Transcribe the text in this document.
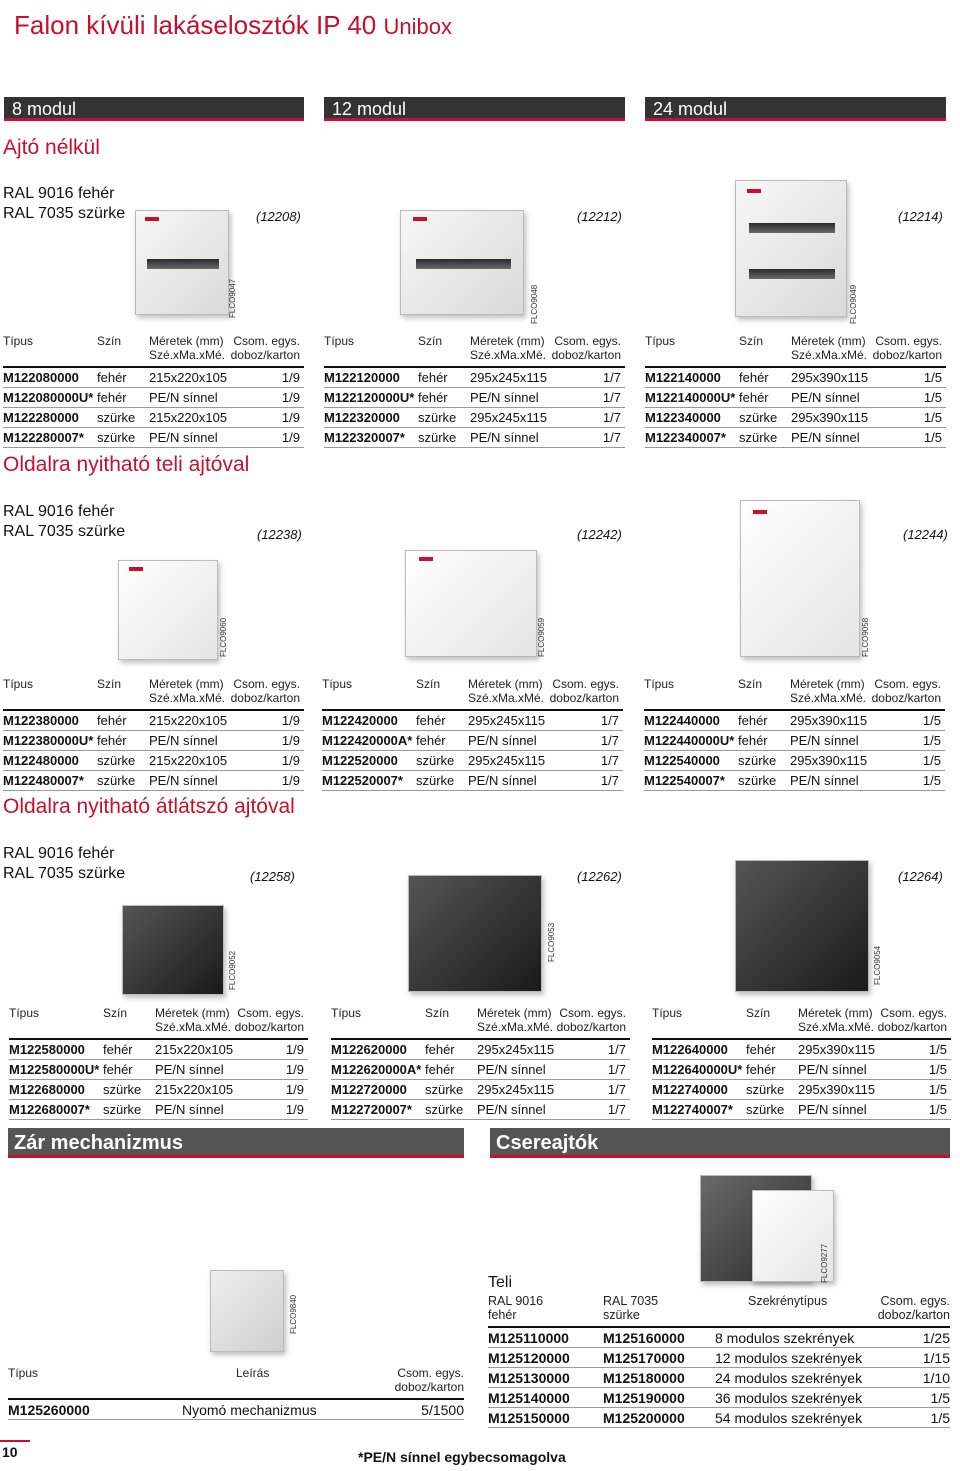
Falon kívüli lakáselosztók IP 40 Unibox
8 modul	12 modul	24 modul
Ajtó nélkül
RAL 9016 fehér
RAL 7035 szürke	(12208)	(12212)	(12214)
FLCO9047	FLCO9048	FLCO9049
Típus	Szín Méretek (mm)
Szé.xMa.xMé.
Csom. egys.
doboz/karton
M122080000 fehér 215x220x105	1/9
M122080000U* fehér PE/N sínnel	1/9
M122280000 szürke 215x220x105	1/9
M122280007* szürke PE/N sínnel	1/9
Típus	Szín Méretek (mm)
Szé.xMa.xMé.
Csom. egys.
doboz/karton
M122120000 fehér 295x245x115	1/7
M122120000U* fehér PE/N sínnel	1/7
M122320000 szürke 295x245x115	1/7
M122320007* szürke PE/N sínnel	1/7
Típus	Szín Méretek (mm)
Szé.xMa.xMé.
Csom. egys.
doboz/karton
M122140000 fehér 295x390x115	1/5
M122140000U* fehér PE/N sínnel	1/5
M122340000 szürke 295x390x115	1/5
M122340007* szürke PE/N sínnel	1/5
Oldalra nyitható teli ajtóval
RAL 9016 fehér
RAL 7035 szürke	(12238)	(12242)	(12244)
FLCO9060	FLCO9059	FLCO9058
Típus	Szín Méretek (mm)
Szé.xMa.xMé.
Csom. egys.
doboz/karton
M122380000 fehér 215x220x105	1/9
M122380000U* fehér PE/N sínnel	1/9
M122480000 szürke 215x220x105	1/9
M122480007* szürke PE/N sínnel	1/9
Típus	Szín Méretek (mm)
Szé.xMa.xMé.
Csom. egys.
doboz/karton
M122420000 fehér 295x245x115	1/7
M122420000A* fehér PE/N sínnel	1/7
M122520000 szürke 295x245x115	1/7
M122520007* szürke PE/N sínnel	1/7
Típus	Szín Méretek (mm)
Szé.xMa.xMé.
Csom. egys.
doboz/karton
M122440000 fehér 295x390x115	1/5
M122440000U* fehér PE/N sínnel	1/5
M122540000 szürke 295x390x115	1/5
M122540007* szürke PE/N sínnel	1/5
Oldalra nyitható átlátszó ajtóval
RAL 9016 fehér
RAL 7035 szürke	(12258)	(12262)	(12264)
FLCO9052
FLCO9053
FLCO9054
Típus	Szín Méretek (mm)
Szé.xMa.xMé.
Csom. egys.
doboz/karton
M122580000 fehér 215x220x105	1/9
M122580000U* fehér PE/N sínnel	1/9
M122680000 szürke 215x220x105	1/9
M122680007* szürke PE/N sínnel	1/9
Típus	Szín Méretek (mm)
Szé.xMa.xMé.
Csom. egys.
doboz/karton
M122620000 fehér 295x245x115	1/7
M122620000A* fehér PE/N sínnel	1/7
M122720000 szürke 295x245x115	1/7
M122720007* szürke PE/N sínnel	1/7
Típus	Szín Méretek (mm)
Szé.xMa.xMé.
Csom. egys.
doboz/karton
M122640000 fehér 295x390x115	1/5
M122640000U* fehér PE/N sínnel	1/5
M122740000 szürke 295x390x115	1/5
M122740007* szürke PE/N sínnel	1/5
Zár mechanizmus
FLCO9840
Típus	Leírás	Csom. egys.
doboz/karton
M125260000	Nyomó mechanizmus	5/1500
Csereajtók
FLCO9277
Teli
RAL 9016
fehér
RAL 7035
szürke
Szekrénytípus	Csom. egys.
doboz/karton
M125110000 M125160000 8 modulos szekrények	1/25
M125120000 M125170000 12 modulos szekrények	1/15
M125130000 M125180000 24 modulos szekrények	1/10
M125140000 M125190000 36 modulos szekrények	1/5
M125150000 M125200000 54 modulos szekrények	1/5
10	*PE/N sínnel egybecsomagolva
